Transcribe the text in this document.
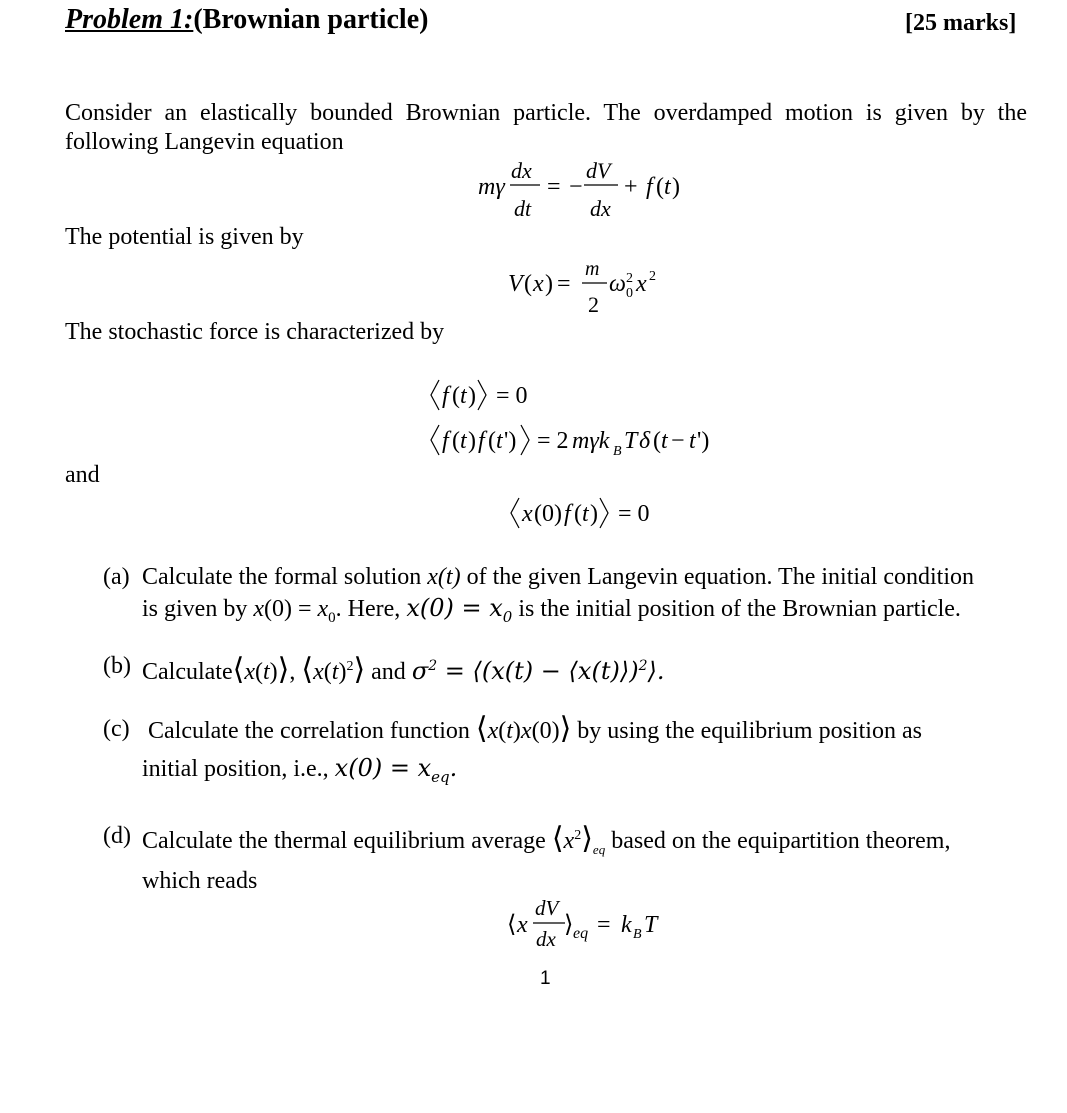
Problem 1:(Brownian particle)	[25 marks]
Consider an elastically bounded Brownian particle. The overdamped motion is given by the
following Langevin equation
mγ
dx
dt
= −
dV
dx
+ f ( t )
The potential is given by
V ( x ) =
m
2
ω 2
0 x 2
The stochastic force is characterized by
f ( t ) = 0
f ( t ) f ( t ') = 2 mγk B T δ ( t − t ')
and
x (0) f ( t ) = 0
(a) Calculate the formal solution x(t) of the given Langevin equation. The initial condition
is given by $x(0) = x_0$. Here, $x(0) = x_0$ is the initial position of the Brownian particle.
(b) Calculate⟨x(t)⟩, $⟨x(t)^2⟩$ and $\sigma^2$ = ⟨(x(t) − ⟨x(t)⟩)$^2$⟩.
(c) Calculate the correlation function ⟨x(t)x(0)⟩ by using the equilibrium position as
initial position, i.e., $x(0) = x_{eq}$.
(d) Calculate the thermal equilibrium average $⟨x^2⟩_{eq}$ based on the equipartition theorem,
which reads
⟨ x
dV
dx
⟩ eq = k B T
1
